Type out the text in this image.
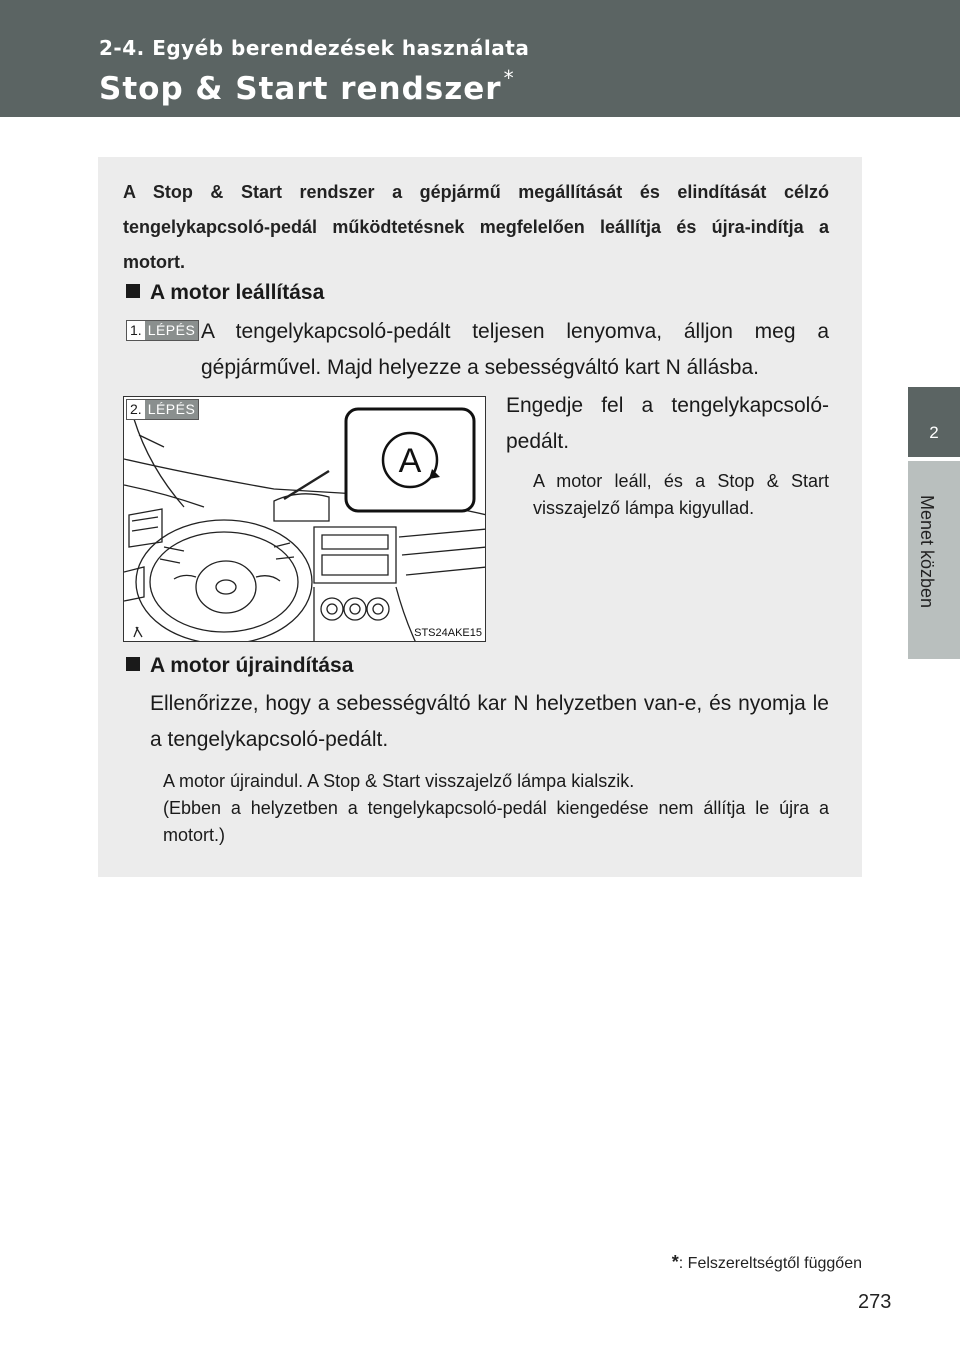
2-4. Egyéb berendezések használata
Stop & Start rendszer *
2
Menet közben
A Stop & Start rendszer a gépjármű megállítását és elindítását célzó tengelykapcsoló-pedál működtetésnek megfelelően leállítja és újra-indítja a motort.
A motor leállítása
1. LÉPÉS A tengelykapcsoló-pedált teljesen lenyomva, álljon meg a gépjárművel. Majd helyezze a sebességváltó kart N állásba.
A
2. LÉPÉS
STS24AKE15
Engedje fel a tengelykapcsoló-pedált.
A motor leáll, és a Stop & Start visszajelző lámpa kigyullad.
A motor újraindítása
Ellenőrizze, hogy a sebességváltó kar N helyzetben van-e, és nyomja le a tengelykapcsoló-pedált.
A motor újraindul. A Stop & Start visszajelző lámpa kialszik.
(Ebben a helyzetben a tengelykapcsoló-pedál kiengedése nem állítja le újra a motort.)
*: Felszereltségtől függően
273
